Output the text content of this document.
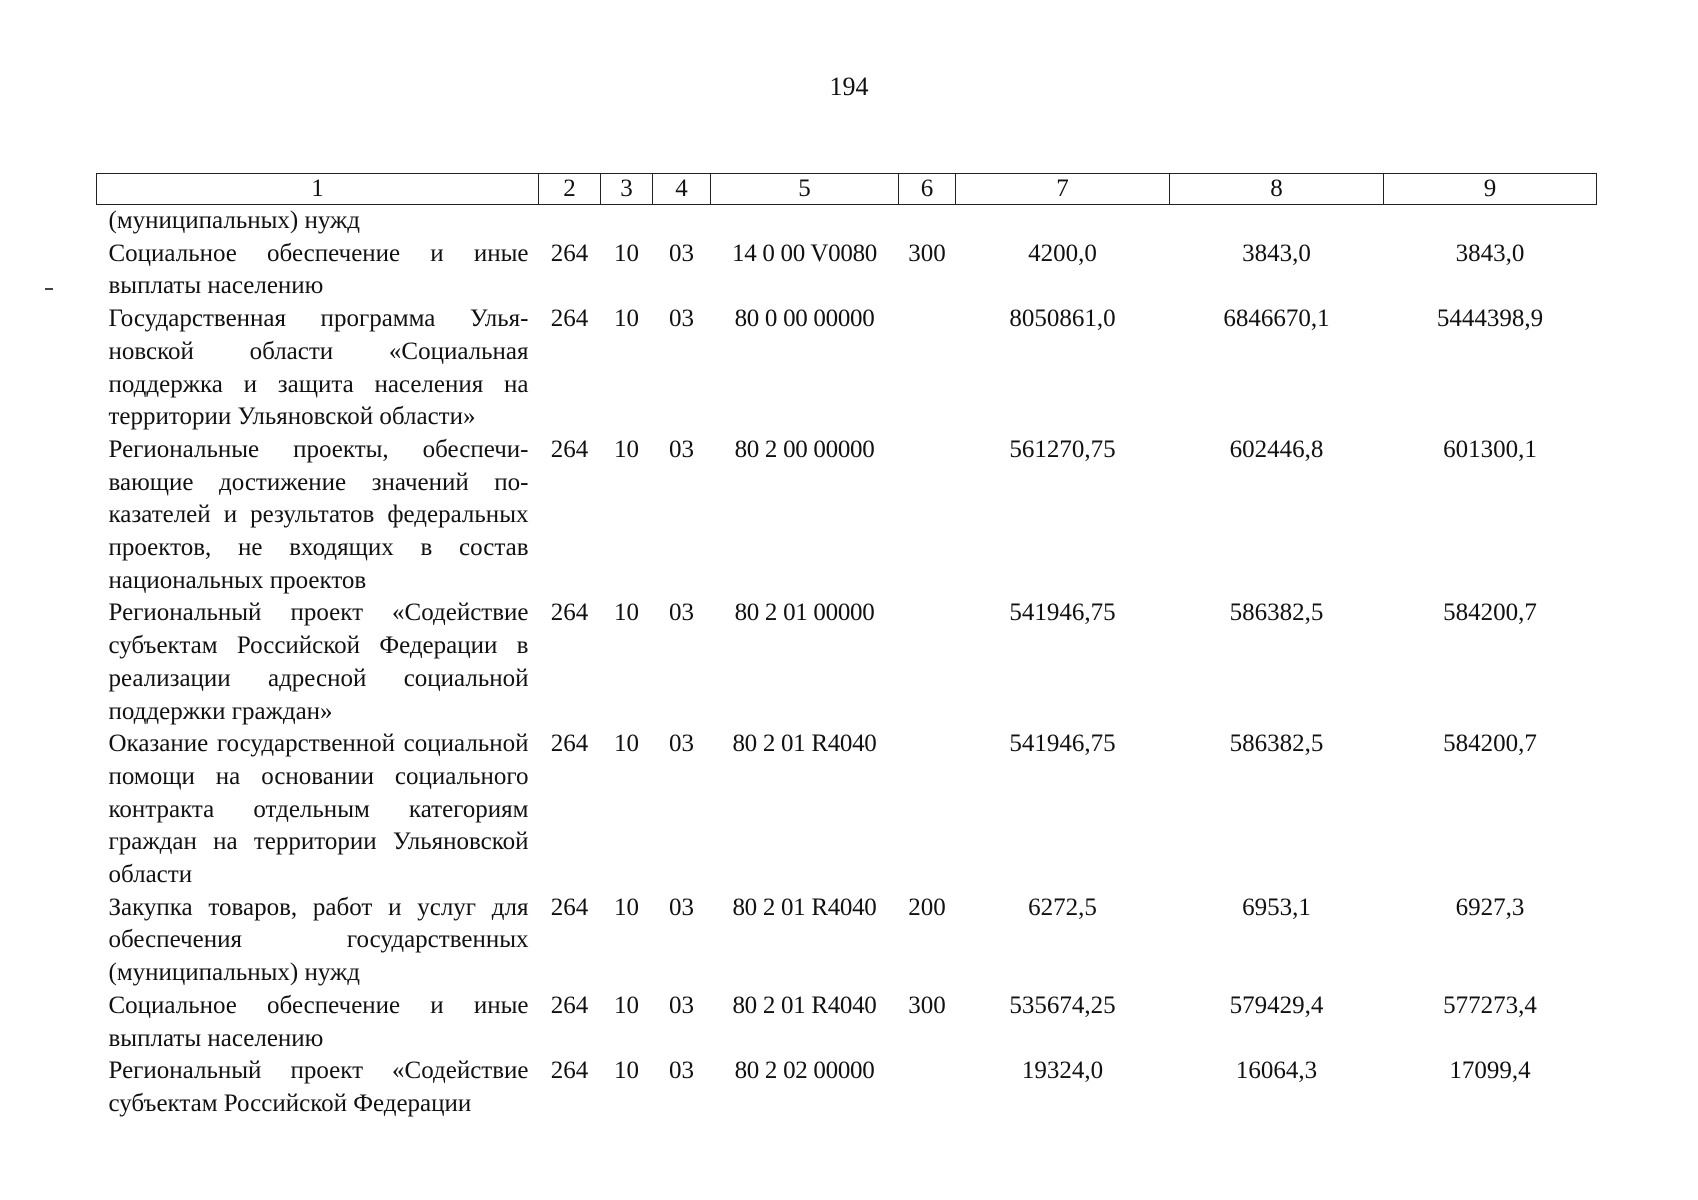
194
1	2	3	4	5	6	7	8	9
(муниципальных) нужд								
Социальное обеспечение и иные выплаты населению	264	10	03	14 0 00 V0080	300	4200,0	3843,0	3843,0
Государственная программа Ульяновской области «Социальная поддержка и защита населения на территории Ульяновской области»	264	10	03	80 0 00 00000		8050861,0	6846670,1	5444398,9
Региональные проекты, обеспечивающие достижение значений показателей и результатов федеральных проектов, не входящих в состав национальных проектов	264	10	03	80 2 00 00000		561270,75	602446,8	601300,1
Региональный проект «Содействие субъектам Российской Федерации в реализации адресной социальной поддержки граждан»	264	10	03	80 2 01 00000		541946,75	586382,5	584200,7
Оказание государственной социальной помощи на основании социального контракта отдельным категориям граждан на территории Ульяновской области	264	10	03	80 2 01 R4040		541946,75	586382,5	584200,7
Закупка товаров, работ и услуг для обеспечения государственных (муниципальных) нужд	264	10	03	80 2 01 R4040	200	6272,5	6953,1	6927,3
Социальное обеспечение и иные выплаты населению	264	10	03	80 2 01 R4040	300	535674,25	579429,4	577273,4
Региональный проект «Содействие субъектам Российской Федерации	264	10	03	80 2 02 00000		19324,0	16064,3	17099,4
